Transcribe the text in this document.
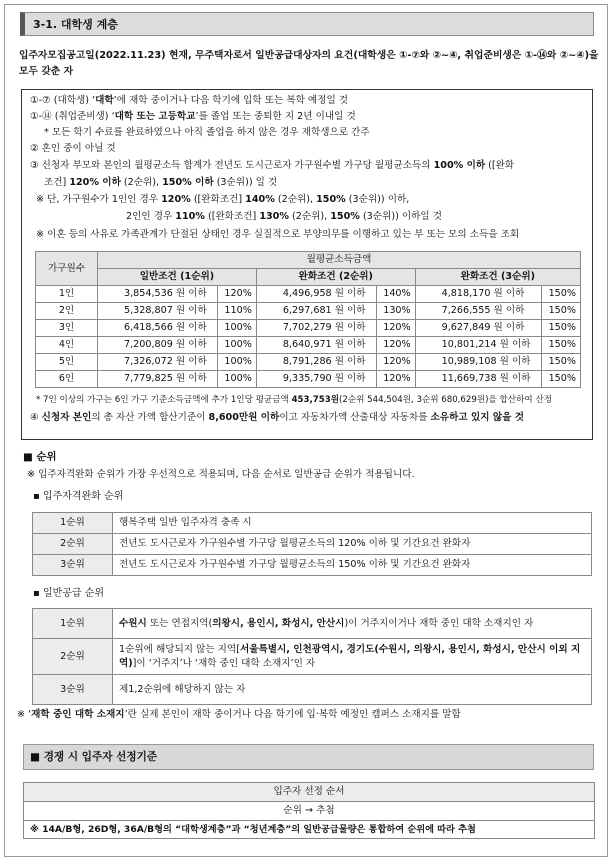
3-1. 대학생 계층
입주자모집공고일(2022.11.23) 현재, 무주택자로서 일반공급대상자의 요건(대학생은 ①-⑦와 ②~④, 취업준비생은 ①-⑭와 ②~④)을 모두 갖춘 자
①-⑦ (대학생) ‘대학’에 재학 중이거나 다음 학기에 입학 또는 복학 예정일 것
①-⑭ (취업준비생) ‘대학 또는 고등학교’를 졸업 또는 중퇴한 지 2년 이내일 것
* 모든 학기 수료를 완료하였으나 아직 졸업을 하지 않은 경우 재학생으로 간주
② 혼인 중이 아닐 것
③ 신청자 부모와 본인의 월평균소득 합계가 전년도 도시근로자 가구원수별 가구당 월평균소득의 100% 이하 ([완화
조건] 120% 이하 (2순위), 150% 이하 (3순위)) 일 것
※ 단, 가구원수가 1인인 경우 120% ([완화조건] 140% (2순위), 150% (3순위)) 이하,
2인인 경우 110% ([완화조건] 130% (2순위), 150% (3순위)) 이하일 것
※ 이혼 등의 사유로 가족관계가 단절된 상태인 경우 실질적으로 부양의무를 이행하고 있는 부 또는 모의 소득을 조회
* 7인 이상의 가구는 6인 가구 기준소득금액에 추가 1인당 평균금액 453,753원(2순위 544,504원, 3순위 680,629원)을 합산하여 산정
④ 신청자 본인의 총 자산 가액 합산기준이 8,600만원 이하이고 자동차가액 산출대상 자동차를 소유하고 있지 않을 것
가구원수	월평균소득금액					
	일반조건 (1순위)		완화조건 (2순위)		완화조건 (3순위)	
1인	3,854,536 원 이하	120%	4,496,958 원 이하	140%	4,818,170 원 이하	150%
2인	5,328,807 원 이하	110%	6,297,681 원 이하	130%	7,266,555 원 이하	150%
3인	6,418,566 원 이하	100%	7,702,279 원 이하	120%	9,627,849 원 이하	150%
4인	7,200,809 원 이하	100%	8,640,971 원 이하	120%	10,801,214 원 이하	150%
5인	7,326,072 원 이하	100%	8,791,286 원 이하	120%	10,989,108 원 이하	150%
6인	7,779,825 원 이하	100%	9,335,790 원 이하	120%	11,669,738 원 이하	150%
■ 순위
※ 입주자격완화 순위가 가장 우선적으로 적용되며, 다음 순서로 일반공급 순위가 적용됩니다.
▪ 입주자격완화 순위
1순위	행복주택 일반 입주자격 충족 시
2순위	전년도 도시근로자 가구원수별 가구당 월평균소득의 120% 이하 및 기간요건 완화자
3순위	전년도 도시근로자 가구원수별 가구당 월평균소득의 150% 이하 및 기간요건 완화자
▪ 일반공급 순위
1순위	수원시 또는 연접지역(의왕시, 용인시, 화성시, 안산시)이 거주지이거나 재학 중인 대학 소재지인 자
2순위	1순위에 해당되지 않는 지역[서울특별시, 인천광역시, 경기도(수원시, 의왕시, 용인시, 화성시, 안산시 이외 지역)]이 ‘거주지’나 ‘재학 중인 대학 소재지’인 자
3순위	제1,2순위에 해당하지 않는 자
※ ‘재학 중인 대학 소재지’란 실제 본인이 재학 중이거나 다음 학기에 입·복학 예정인 캠퍼스 소재지를 말함
■ 경쟁 시 입주자 선정기준
입주자 선정 순서
순위 → 추첨
※ 14A/B형, 26D형, 36A/B형의 “대학생계층”과 “청년계층”의 일반공급물량은 통합하여 순위에 따라 추첨
